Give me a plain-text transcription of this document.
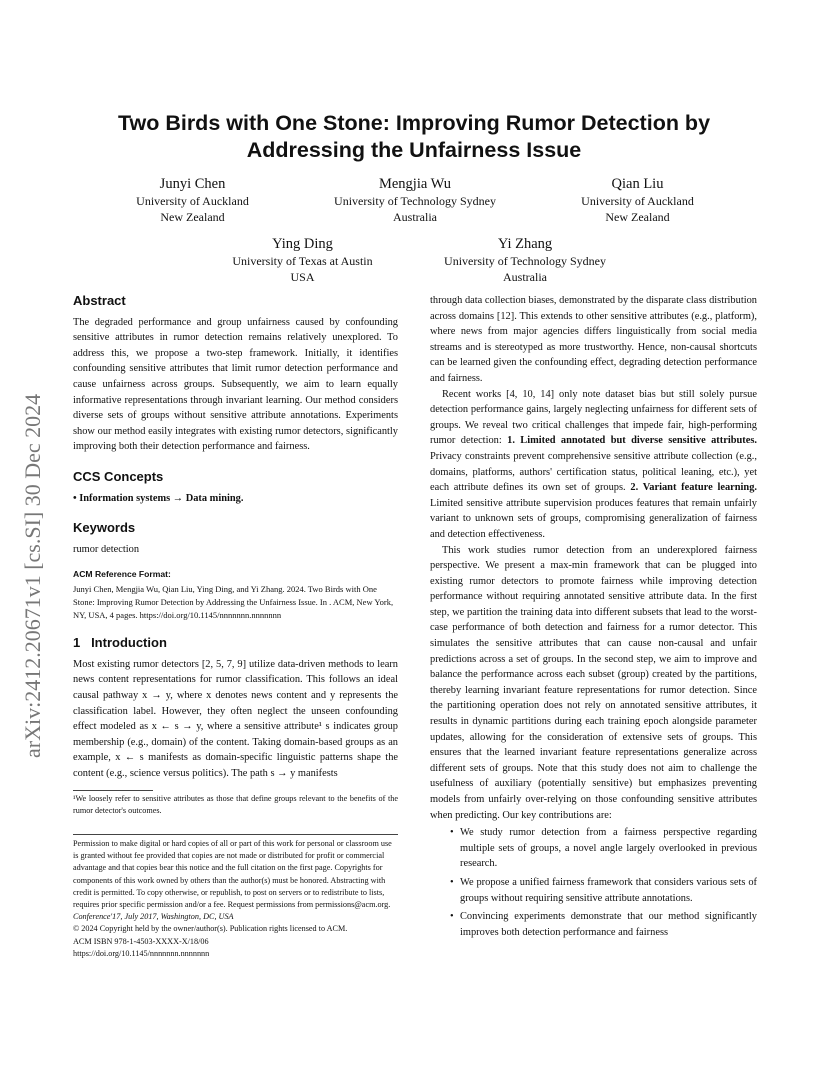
Two Birds with One Stone: Improving Rumor Detection by Addressing the Unfairness Issue
Junyi Chen
University of Auckland
New Zealand
Mengjia Wu
University of Technology Sydney
Australia
Qian Liu
University of Auckland
New Zealand
Ying Ding
University of Texas at Austin
USA
Yi Zhang
University of Technology Sydney
Australia
arXiv:2412.20671v1 [cs.SI] 30 Dec 2024
Abstract

The degraded performance and group unfairness caused by confounding sensitive attributes in rumor detection remains relatively unexplored. To address this, we propose a two-step framework. Initially, it identifies confounding sensitive attributes that limit rumor detection performance and cause unfairness across groups. Subsequently, we aim to learn equally informative representations through invariant learning. Our method considers diverse sets of groups without sensitive attribute annotations. Experiments show our method easily integrates with existing rumor detectors, significantly improving both their detection performance and fairness.

CCS Concepts

• Information systems → Data mining.

Keywords

rumor detection

ACM Reference Format:

Junyi Chen, Mengjia Wu, Qian Liu, Ying Ding, and Yi Zhang. 2024. Two Birds with One Stone: Improving Rumor Detection by Addressing the Unfairness Issue. In . ACM, New York, NY, USA, 4 pages. https://doi.org/10.1145/nnnnnnn.nnnnnnn

1   Introduction

Most existing rumor detectors [2, 5, 7, 9] utilize data-driven methods to learn news content representations for rumor classification. This follows an ideal causal pathway x → y, where x denotes news content and y represents the classification label. However, they often neglect the unseen confounding effect modeled as x ← s → y, where a sensitive attribute¹ s indicates group membership (e.g., domain) of the content. Taking domain-based groups as an example, x ← s manifests as domain-specific linguistic patterns shape the content (e.g., science versus politics). The path s → y manifests

¹We loosely refer to sensitive attributes as those that define groups relevant to the benefits of the rumor detector's outcomes.

Permission to make digital or hard copies of all or part of this work for personal or classroom use is granted without fee provided that copies are not made or distributed for profit or commercial advantage and that copies bear this notice and the full citation on the first page. Copyrights for components of this work owned by others than the author(s) must be honored. Abstracting with credit is permitted. To copy otherwise, or republish, to post on servers or to redistribute to lists, requires prior specific permission and/or a fee. Request permissions from permissions@acm.org.
Conference'17, July 2017, Washington, DC, USA
© 2024 Copyright held by the owner/author(s). Publication rights licensed to ACM.
ACM ISBN 978-1-4503-XXXX-X/18/06
https://doi.org/10.1145/nnnnnnn.nnnnnnn

through data collection biases, demonstrated by the disparate class distribution across domains [12]. This extends to other sensitive attributes (e.g., platform), where news from major agencies differs linguistically from social media streams and is stereotyped as more trustworthy. Hence, non-causal shortcuts can be learned given the confounding effect, degrading detection performance and fairness.

Recent works [4, 10, 14] only note dataset bias but still solely pursue detection performance gains, largely neglecting unfairness for different sets of groups. We reveal two critical challenges that impede fair, high-performing rumor detection: 1. Limited annotated but diverse sensitive attributes. Privacy constraints prevent comprehensive sensitive attribute collection (e.g., domains, platforms, authors' certification status, political leaning, etc.), yet each attribute defines its own set of groups. 2. Variant feature learning. Limited sensitive attribute supervision produces features that remain unfairly variant to unknown sets of groups, compromising generalization of fairness and detection effectiveness.

This work studies rumor detection from an underexplored fairness perspective. We present a max-min framework that can be plugged into existing rumor detectors to promote fairness while improving detection performance without requiring annotated sensitive attribute data. In the first step, we partition the training data into different subsets that lead to the worst-case performance of both detection and fairness for a rumor detector. This simulates the sensitive attributes that can cause non-causal and unfair predictions across a set of groups. In the second step, we aim to improve and balance the performance across each subset (group) created by the partitions, thereby learning invariant feature representations for rumor detection. Since the partitioning operation does not rely on annotated sensitive attributes, it results in dynamic partitions during each training epoch alongside parameter updates, allowing for the consideration of extensive sets of groups. This ensures that the learned invariant feature representations generalize across different sets of groups. Note that this study does not aim to challenge the usefulness of auxiliary (potentially sensitive) but emphasizes preventing models from unfairly over-relying on those confounding sensitive attributes when predicting. Our key contributions are:

• We study rumor detection from a fairness perspective regarding multiple sets of groups, a novel angle largely overlooked in previous research.
• We propose a unified fairness framework that considers various sets of groups without requiring sensitive attribute annotations.
• Convincing experiments demonstrate that our method significantly improves both detection performance and fairness
